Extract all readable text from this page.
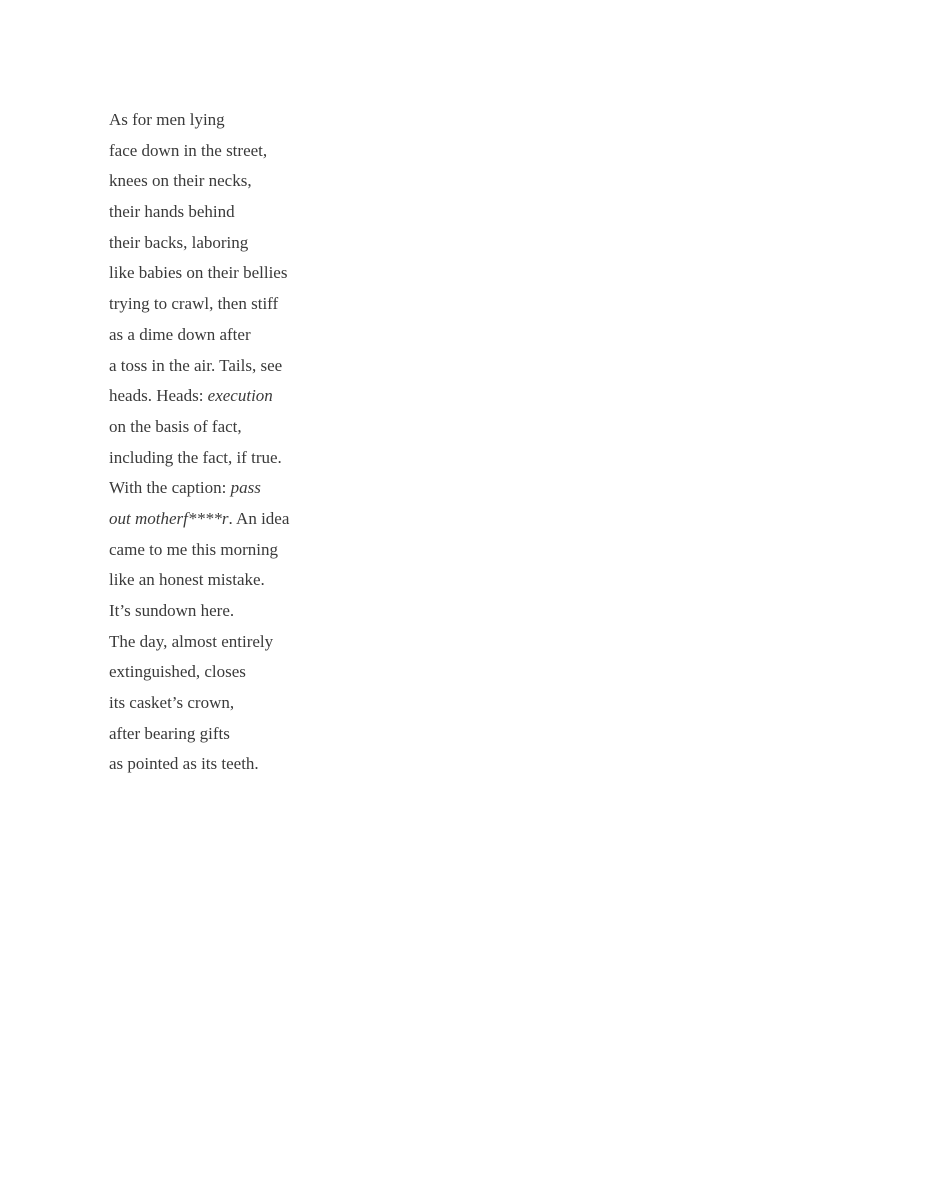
As for men lying

face down in the street,

knees on their necks,

their hands behind

their backs, laboring

like babies on their bellies

trying to crawl, then stiff

as a dime down after

a toss in the air. Tails, see

heads. Heads: execution

on the basis of fact,

including the fact, if true.

With the caption: pass

out motherf****r. An idea

came to me this morning

like an honest mistake.

It’s sundown here.

The day, almost entirely

extinguished, closes

its casket’s crown,

after bearing gifts

as pointed as its teeth.
